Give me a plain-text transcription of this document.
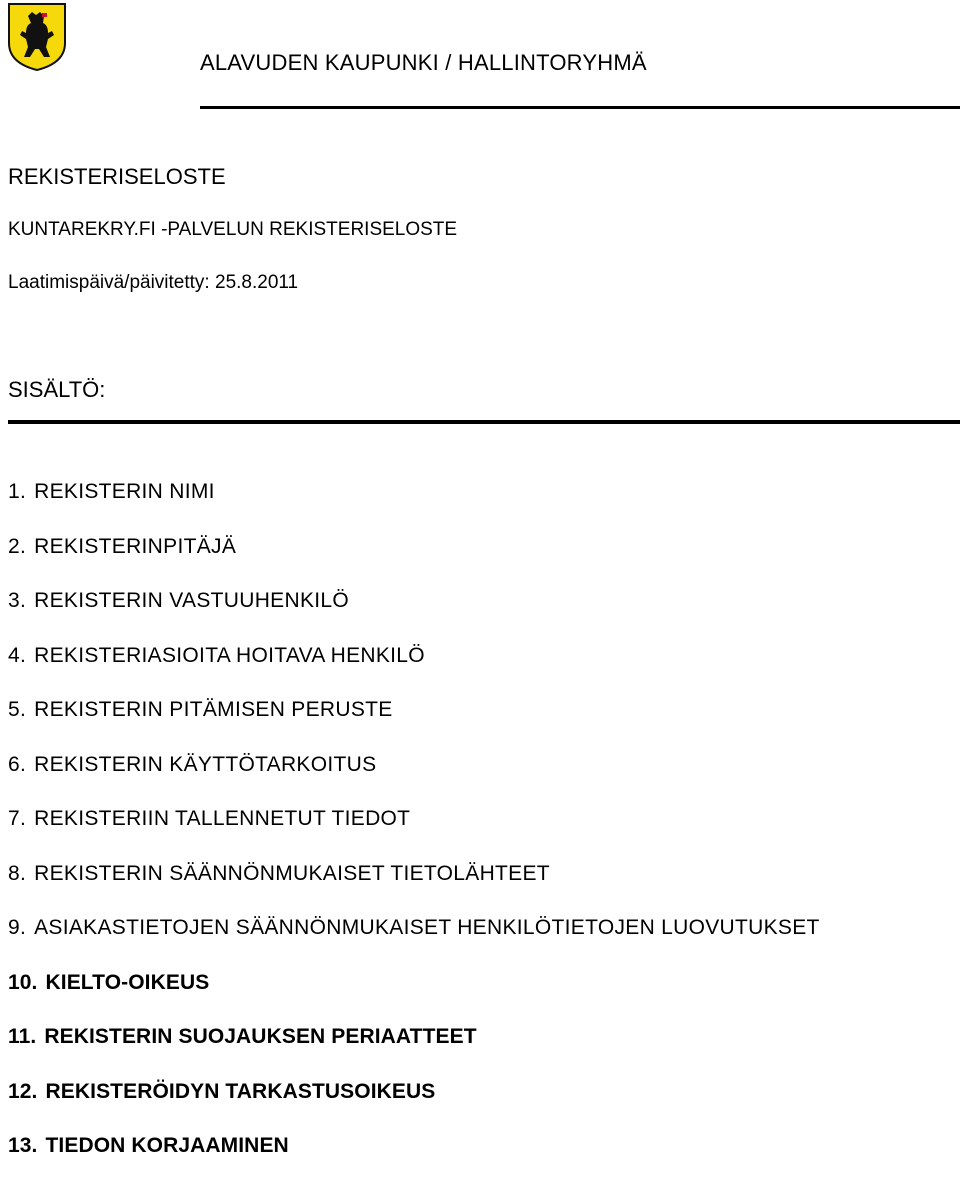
ALAVUDEN KAUPUNKI / HALLINTORYHMÄ
REKISTERISELOSTE
KUNTAREKRY.FI -PALVELUN REKISTERISELOSTE
Laatimispäivä/päivitetty: 25.8.2011
SISÄLTÖ:
1. REKISTERIN NIMI
2. REKISTERINPITÄJÄ
3. REKISTERIN VASTUUHENKILÖ
4. REKISTERIASIOITA HOITAVA HENKILÖ
5. REKISTERIN PITÄMISEN PERUSTE
6. REKISTERIN KÄYTTÖTARKOITUS
7. REKISTERIIN TALLENNETUT TIEDOT
8. REKISTERIN SÄÄNNÖNMUKAISET TIETOLÄHTEET
9. ASIAKASTIETOJEN SÄÄNNÖNMUKAISET HENKILÖTIETOJEN LUOVUTUKSET
10. KIELTO-OIKEUS
11. REKISTERIN SUOJAUKSEN PERIAATTEET
12. REKISTERÖIDYN TARKASTUSOIKEUS
13. TIEDON KORJAAMINEN
